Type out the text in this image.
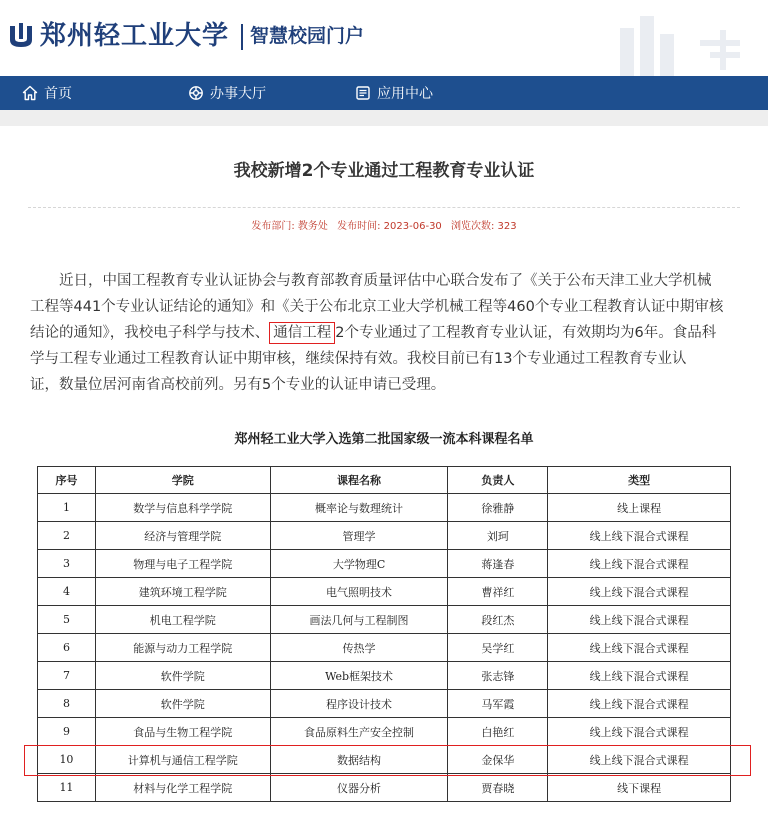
郑州轻工业大学 智慧校园门户
首页	办事大厅	应用中心
我校新增2个专业通过工程教育专业认证
发布部门: 教务处 发布时间: 2023-06-30 浏览次数: 323
近日，中国工程教育专业认证协会与教育部教育质量评估中心联合发布了《关于公布天津工业大学机械
工程等441个专业认证结论的通知》和《关于公布北京工业大学机械工程等460个专业工程教育认证中期审核
结论的通知》，我校电子科学与技术、 通信工程 2个专业通过了工程教育专业认证，有效期均为6年。食品科
学与工程专业通过工程教育认证中期审核，继续保持有效。我校目前已有13个专业通过工程教育专业认
证，数量位居河南省高校前列。另有5个专业的认证申请已受理。
郑州轻工业大学入选第二批国家级一流本科课程名单
序号	学院	课程名称	负责人	类型
1	数学与信息科学学院	概率论与数理统计	徐雅静	线上课程
2	经济与管理学院	管理学	刘珂	线上线下混合式课程
3	物理与电子工程学院	大学物理C	蒋逢春	线上线下混合式课程
4	建筑环境工程学院	电气照明技术	曹祥红	线上线下混合式课程
5	机电工程学院	画法几何与工程制图	段红杰	线上线下混合式课程
6	能源与动力工程学院	传热学	吴学红	线上线下混合式课程
7	软件学院	Web框架技术	张志锋	线上线下混合式课程
8	软件学院	程序设计技术	马军霞	线上线下混合式课程
9	食品与生物工程学院	食品原料生产安全控制	白艳红	线上线下混合式课程
10	计算机与通信工程学院	数据结构	金保华	线上线下混合式课程
11	材料与化学工程学院	仪器分析	贾春晓	线下课程
